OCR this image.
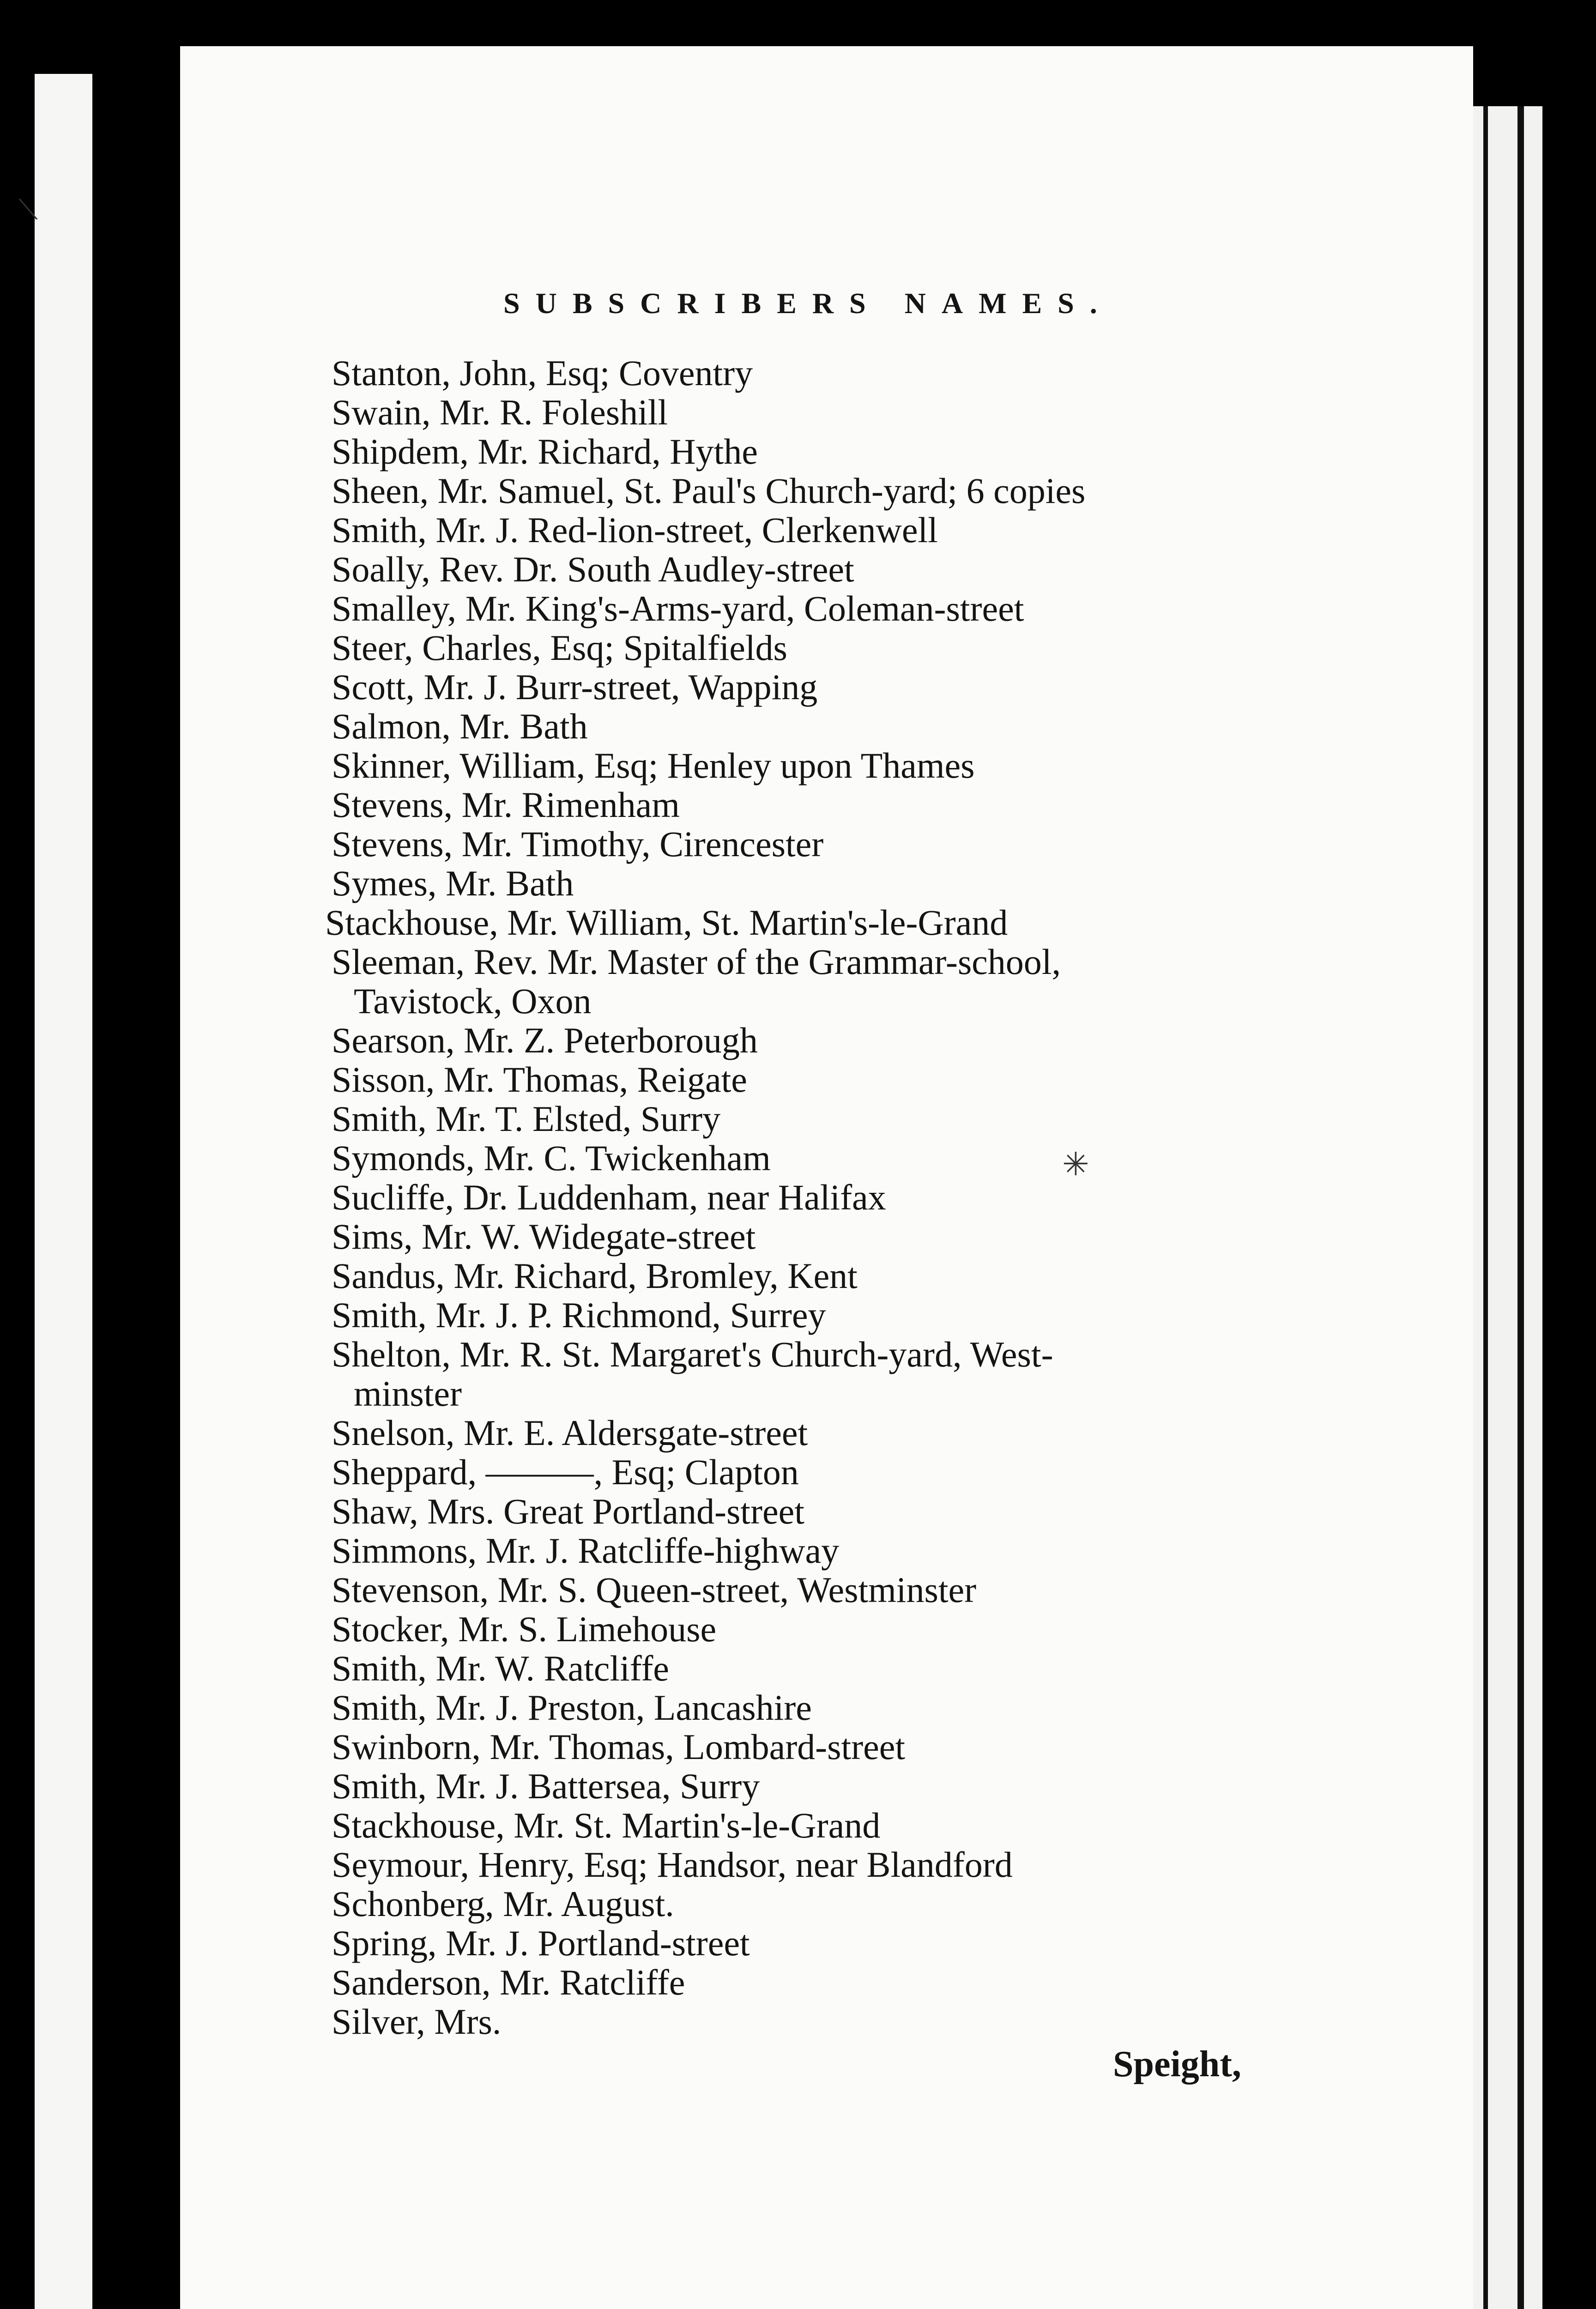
⟍
✳
SUBSCRIBERS NAMES.
Stanton, John, Esq; Coventry
Swain, Mr. R. Foleshill
Shipdem, Mr. Richard, Hythe
Sheen, Mr. Samuel, St. Paul's Church-yard; 6 copies
Smith, Mr. J. Red-lion-street, Clerkenwell
Soally, Rev. Dr. South Audley-street
Smalley, Mr. King's-Arms-yard, Coleman-street
Steer, Charles, Esq; Spitalfields
Scott, Mr. J. Burr-street, Wapping
Salmon, Mr. Bath
Skinner, William, Esq; Henley upon Thames
Stevens, Mr. Rimenham
Stevens, Mr. Timothy, Cirencester
Symes, Mr. Bath
Stackhouse, Mr. William, St. Martin's-le-Grand
Sleeman, Rev. Mr. Master of the Grammar-school,
Tavistock, Oxon
Searson, Mr. Z. Peterborough
Sisson, Mr. Thomas, Reigate
Smith, Mr. T. Elsted, Surry
Symonds, Mr. C. Twickenham
Sucliffe, Dr. Luddenham, near Halifax
Sims, Mr. W. Widegate-street
Sandus, Mr. Richard, Bromley, Kent
Smith, Mr. J. P. Richmond, Surrey
Shelton, Mr. R. St. Margaret's Church-yard, West-
minster
Snelson, Mr. E. Aldersgate-street
Sheppard, ———, Esq; Clapton
Shaw, Mrs. Great Portland-street
Simmons, Mr. J. Ratcliffe-highway
Stevenson, Mr. S. Queen-street, Westminster
Stocker, Mr. S. Limehouse
Smith, Mr. W. Ratcliffe
Smith, Mr. J. Preston, Lancashire
Swinborn, Mr. Thomas, Lombard-street
Smith, Mr. J. Battersea, Surry
Stackhouse, Mr. St. Martin's-le-Grand
Seymour, Henry, Esq; Handsor, near Blandford
Schonberg, Mr. August.
Spring, Mr. J. Portland-street
Sanderson, Mr. Ratcliffe
Silver, Mrs.
Speight,
